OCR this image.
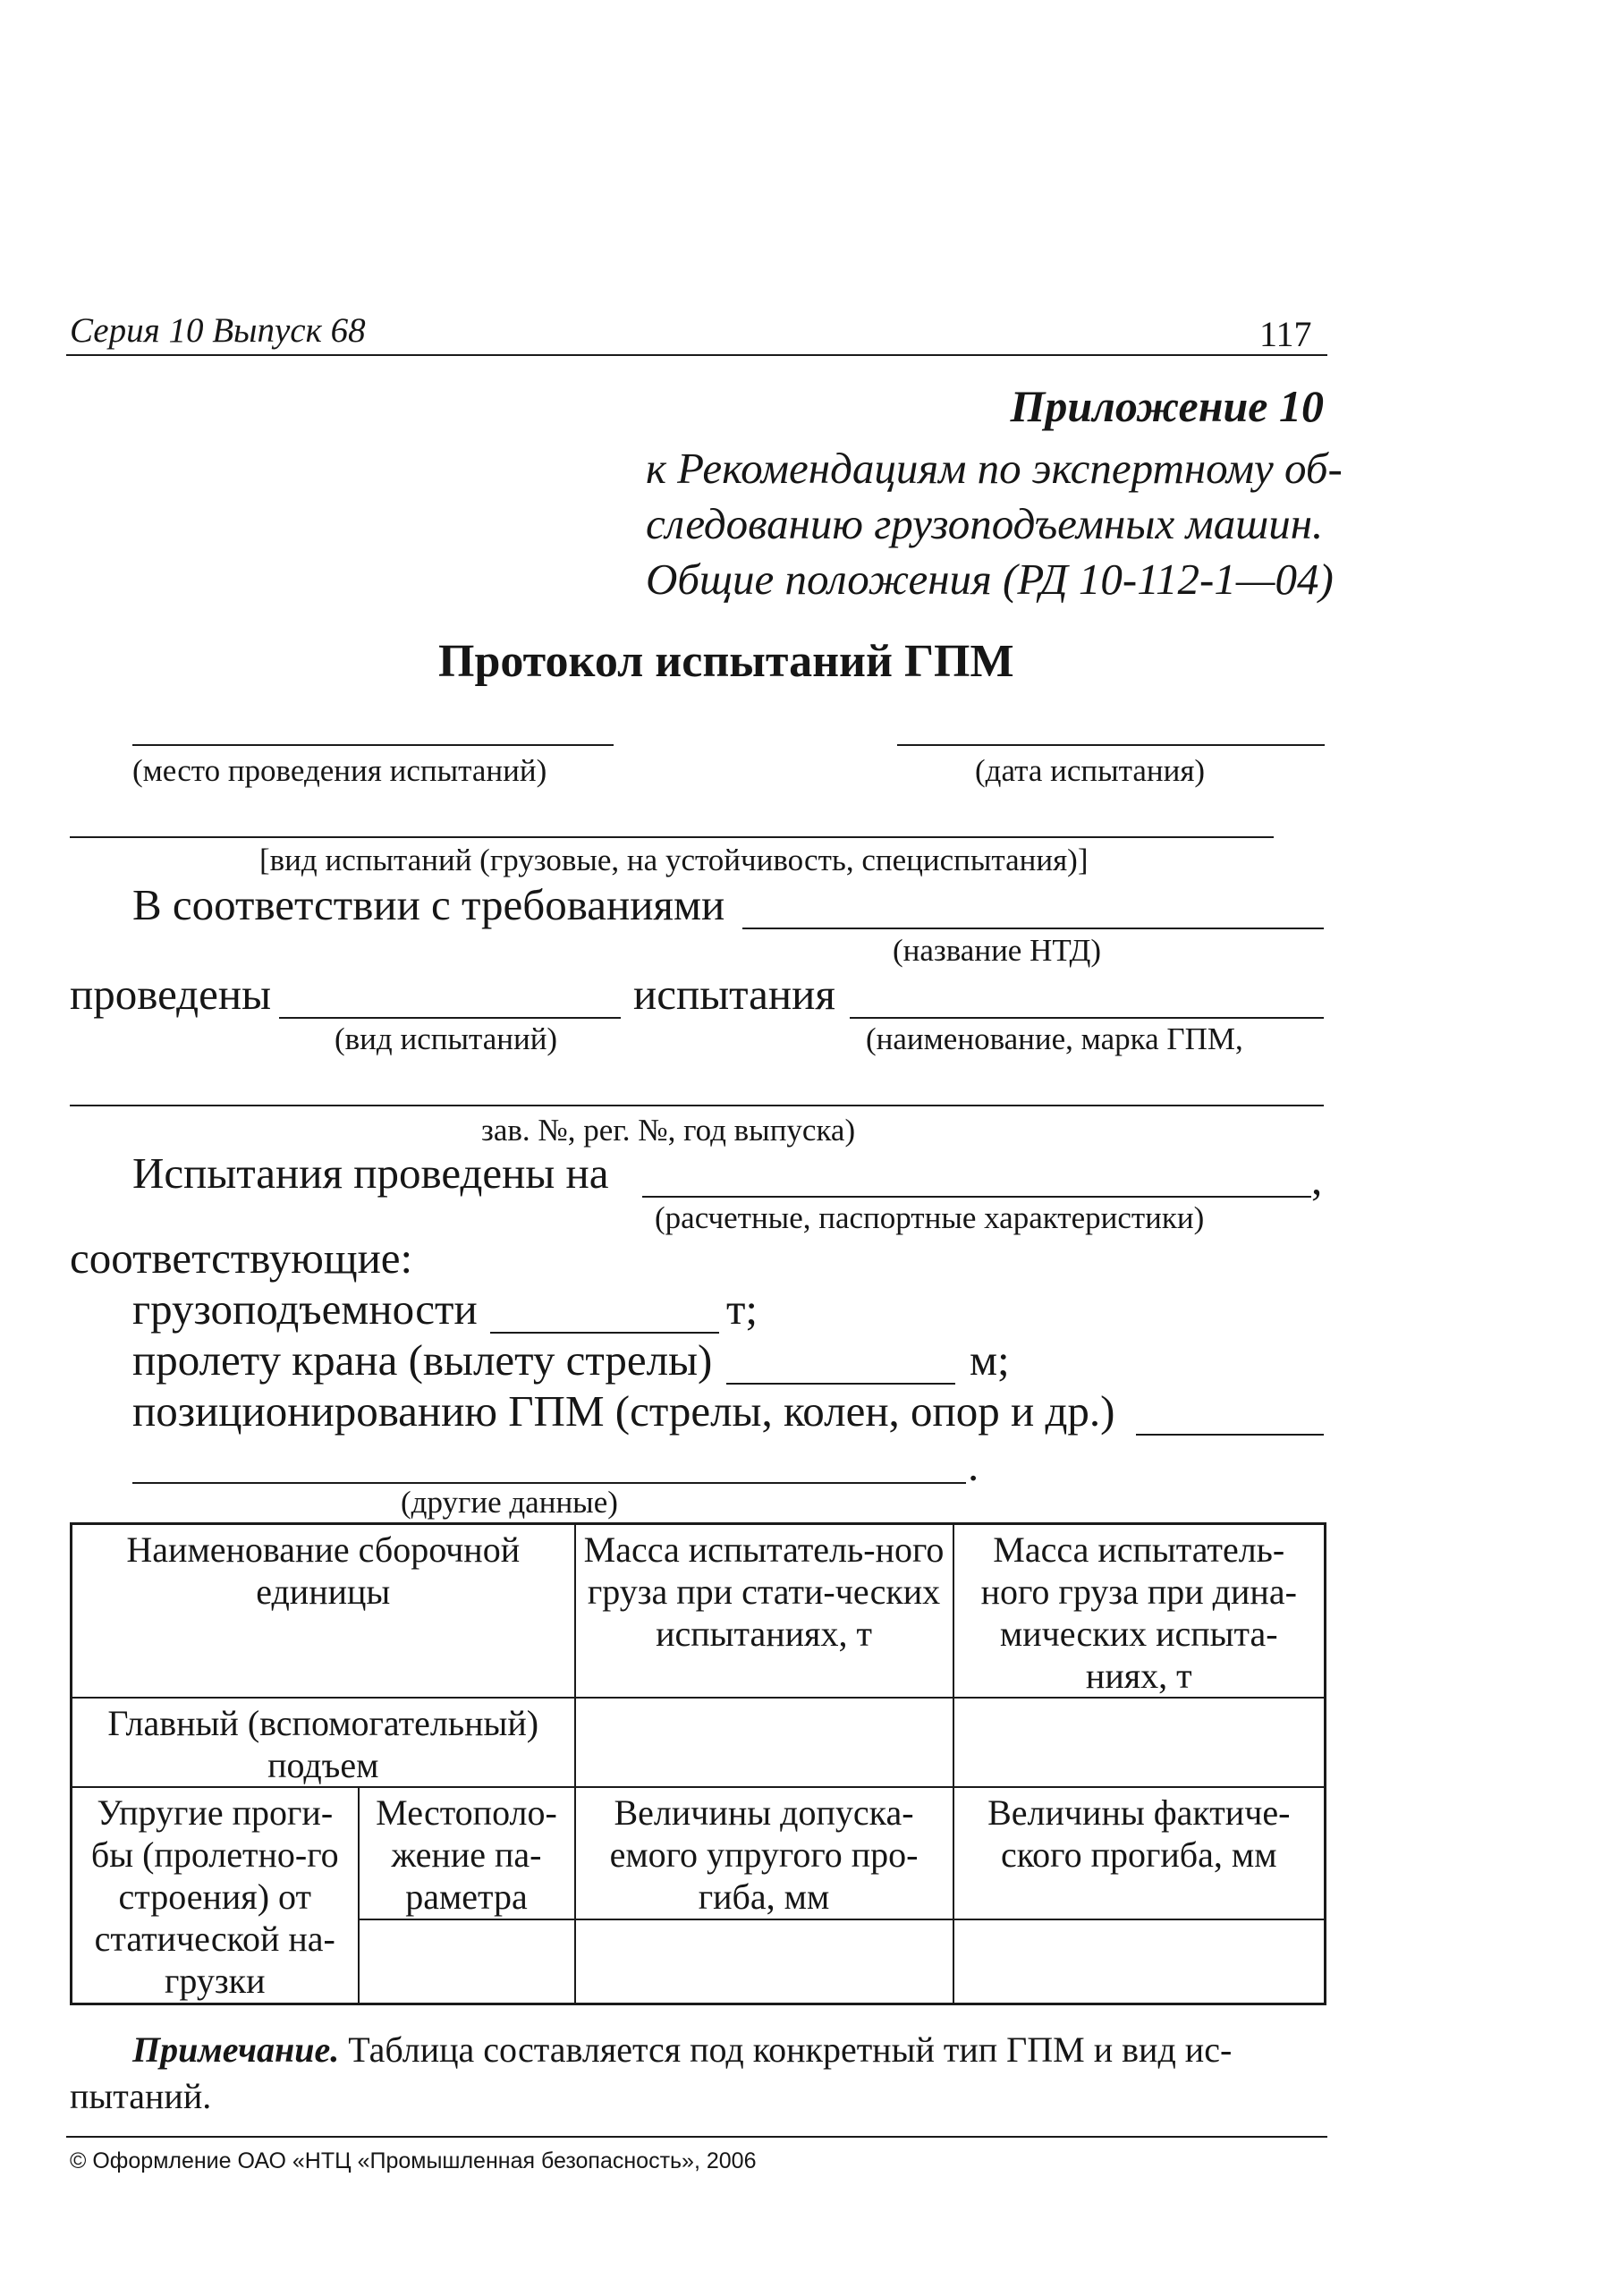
Серия 10 Выпуск 68	117
Приложение 10
к Рекомендациям по экспертному об-
следованию грузоподъемных машин.
Общие положения (РД 10-112-1—04)
Протокол испытаний ГПМ
(место проведения испытаний)	(дата испытания)
[вид испытаний (грузовые, на устойчивость, специспытания)]
В соответствии с требованиями
(название НТД)
проведены	испытания
(вид испытаний)	(наименование, марка ГПМ,
зав. №, рег. №, год выпуска)
Испытания проведены на	,
(расчетные, паспортные характеристики)
соответствующие:
грузоподъемности	т;
пролету крана (вылету стрелы)	м;
позиционированию ГПМ (стрелы, колен, опор и др.)
.
(другие данные)
Наименование сборочной единицы		Масса испытатель-ного груза при стати-ческих испытаниях, т	Масса испытатель-ного груза при дина-мических испыта-ниях, т
Главный (вспомогательный) подъем			
Упругие проги-бы (пролетно-го строения) от статической на-грузки	Местополо-жение па-раметра	Величины допуска-емого упругого про-гиба, мм	Величины фактиче-ского прогиба, мм

Примечание. Таблица составляется под конкретный тип ГПМ и вид ис-
пытаний.
© Оформление ОАО «НТЦ «Промышленная безопасность», 2006
